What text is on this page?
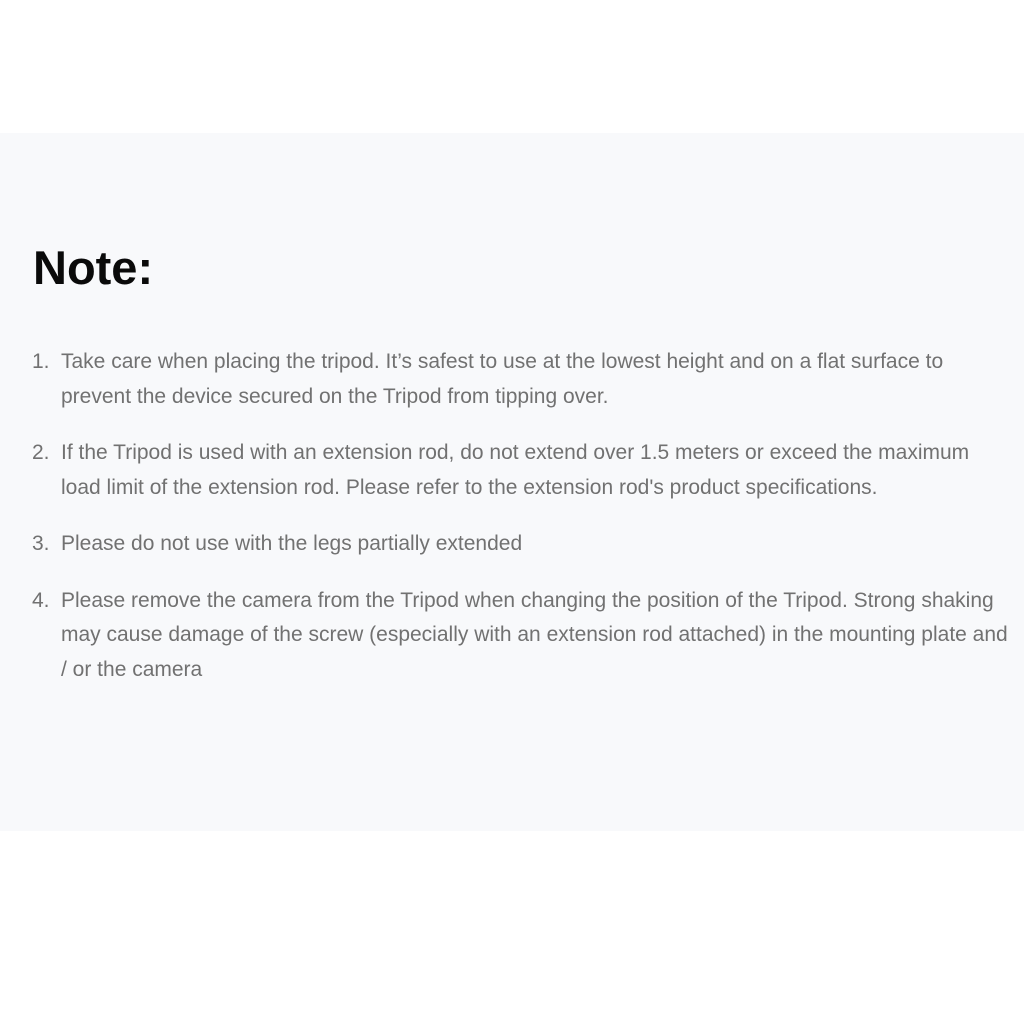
Note:
1. Take care when placing the tripod. It’s safest to use at the lowest height and on a flat surface to prevent the device secured on the Tripod from tipping over.
2. If the Tripod is used with an extension rod, do not extend over 1.5 meters or exceed the maximum load limit of the extension rod. Please refer to the extension rod's product specifications.
3. Please do not use with the legs partially extended
4. Please remove the camera from the Tripod when changing the position of the Tripod. Strong shaking may cause damage of the screw (especially with an extension rod attached) in the mounting plate and / or the camera
